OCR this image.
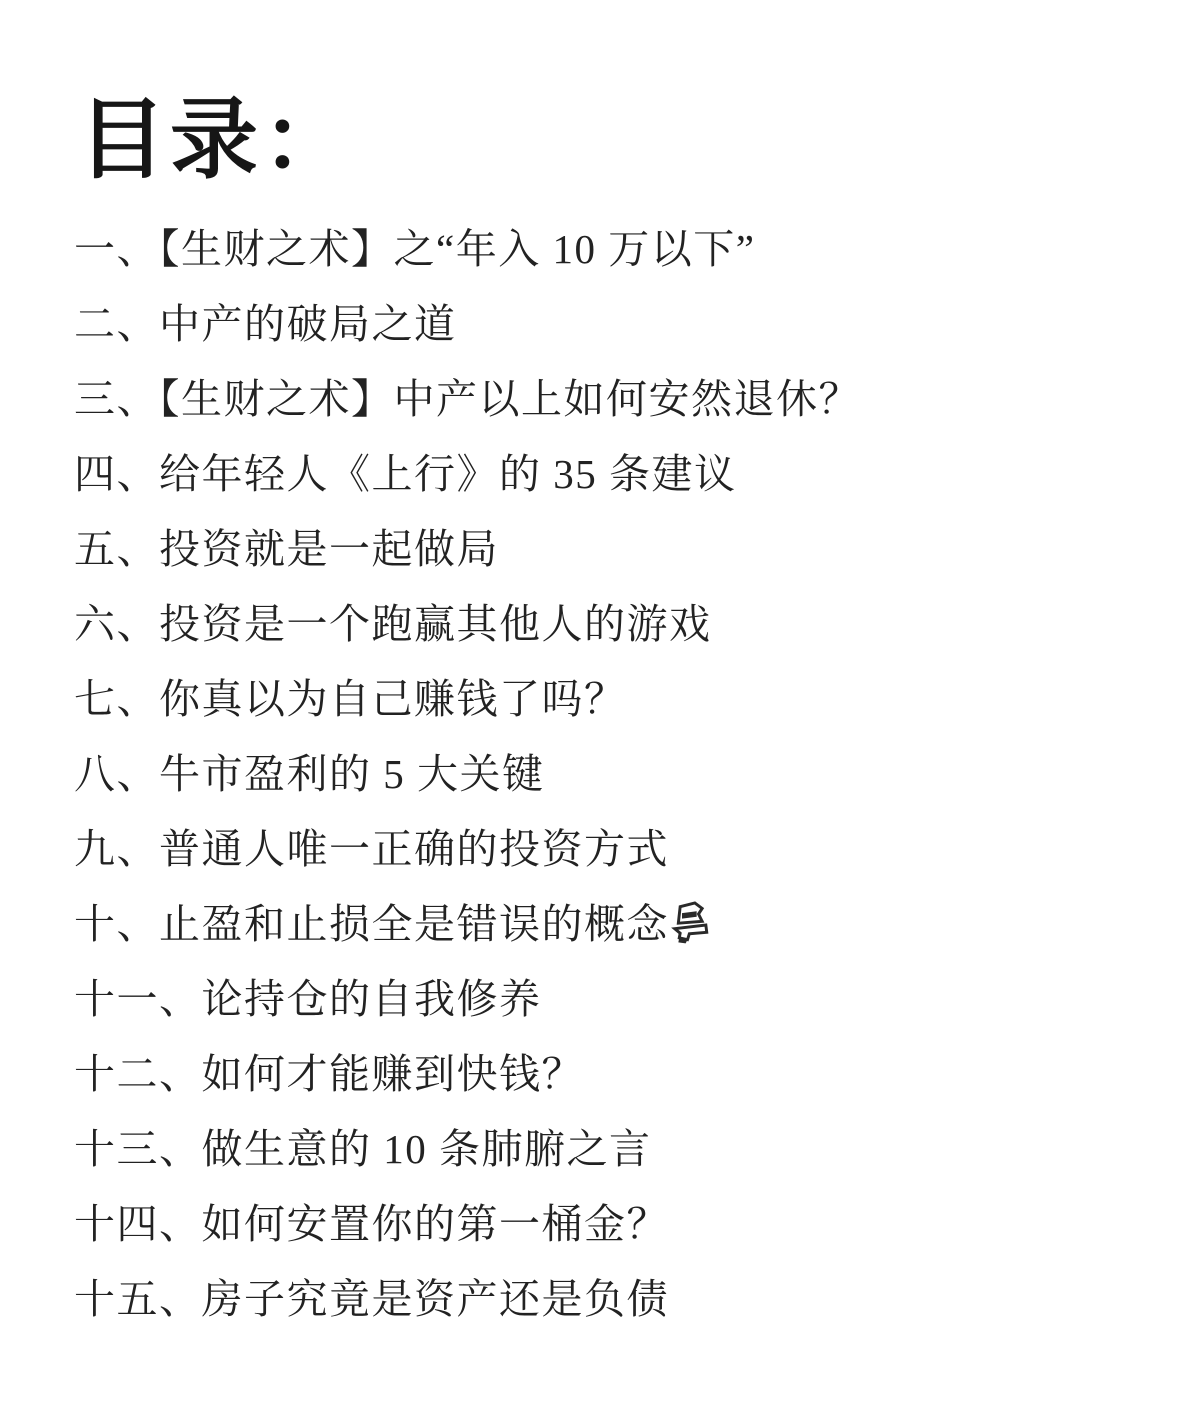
目录：
一、【生财之术】之“年入 10 万以下”
二、中产的破局之道
三、【生财之术】中产以上如何安然退休？
四、给年轻人《上行》的 35 条建议
五、投资就是一起做局
六、投资是一个跑赢其他人的游戏
七、你真以为自己赚钱了吗？
八、牛市盈利的 5 大关键
九、普通人唯一正确的投资方式
十、止盈和止损全是错误的概念
十一、论持仓的自我修养
十二、如何才能赚到快钱？
十三、做生意的 10 条肺腑之言
十四、如何安置你的第一桶金？
十五、房子究竟是资产还是负债
